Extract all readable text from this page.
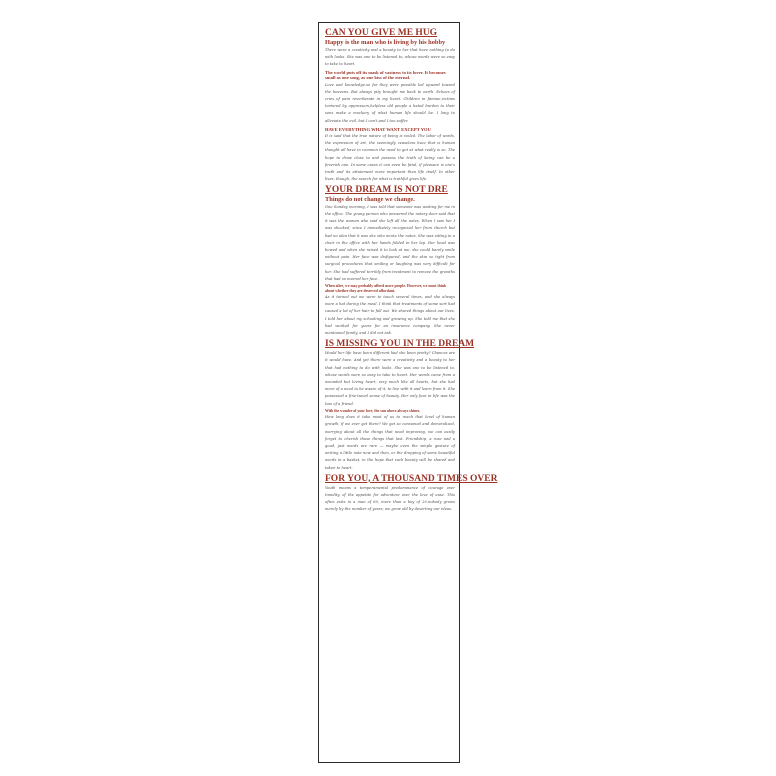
CAN YOU GIVE ME HUG
Happy is the man who is living by his hobby
There were a creativity and a beauty to her that have nothing to do with looks. She was one to be listened to, whose words were so easy to take to heart.
The world puts off its mask of vastness to its lover. It becomes small as one song, as one kiss of the eternal.
Love and knowledge,so far they were possible led upward toward the heavens. But always pity brought me back to earth. Echoes of cries of pain reverberate in my heart. Children in famine,victims tortured by oppressors,helpless old people a hated burden to their sons make a mockery of what human life should be. I long to alleviate the evil, but I can't,and I too suffer.
HAVE EVERYTHING WHAT WANT EXCEPT YOU
It is said that the true nature of being is veiled. The labor of words, the expression of art, the seemingly ceaseless buzz that is human thought all have in common the need to get at what really is so. The hope to draw close to and possess the truth of being can be a feverish one. In some cases it can even be fatal, if pleasure is one's truth and its attainment more important than life itself. In other lives, though, the search for what is truthful gives life.
YOUR DREAM IS NOT DRE
Things do not change we change.
One Sunday morning, I was told that someone was waiting for me in the office. The young person who answered the notary door said that it was the woman who said she left all the notes. When I saw her I was shocked, since I immediately recognized her from church but had no idea that it was she who wrote the notes. She was sitting in a chair in the office with her hands folded in her lap. Her head was bowed and when she raised it to look at me, she could barely smile without pain. Her face was disfigured, and the skin so tight from surgical procedures that smiling or laughing was very difficult for her. She had suffered terribly from treatment to remove the growths that had so marred her face.
When alive, we may probably afford more people. However, we must think about whether they are deserved affordant.
As it turned out we were to touch several times, and she always wore a hat during the meal. I think that treatments of some sort had caused a lot of her hair to fall out. We shared things about our lives. I told her about my schooling and growing up. She told me that she had worked for years for an insurance company. She never mentioned family, and I did not ask.
IS MISSING YOU IN THE DREAM
Would her life have been different had she been pretty? Chances are it would have. And yet there were a creativity and a beauty to her that had nothing to do with looks. She was one to be listened to, whose words were so easy to take to heart. Her words came from a wounded but loving heart, very much like all hearts, but she had more of a need to be aware of it, to live with it and learn from it. She possessed a fine-tuned sense of beauty. Her only fear in life was the loss of a friend.
With the wonder of your love, the sun above always shines.
How long does it take most of us to reach that level of human growth, if we ever get there? We get so consumed and demoralized, worrying about all the things that need improving, we can easily forget to cherish those things that last. Friendship, a rose and a good, just words are rare — maybe even the simple gesture of writing a little note now and then, or the dropping of some beautiful words in a basket, in the hope that such beauty will be shared and taken to heart.
FOR YOU, A THOUSAND TIMES OVER
Youth means a temperamental predominance of courage over timidity, of the appetite for adventure over the love of ease. This often exits in a man of 60, more than a boy of 20.nobody grows merely by the number of years; we grow old by deserting our ideas.
